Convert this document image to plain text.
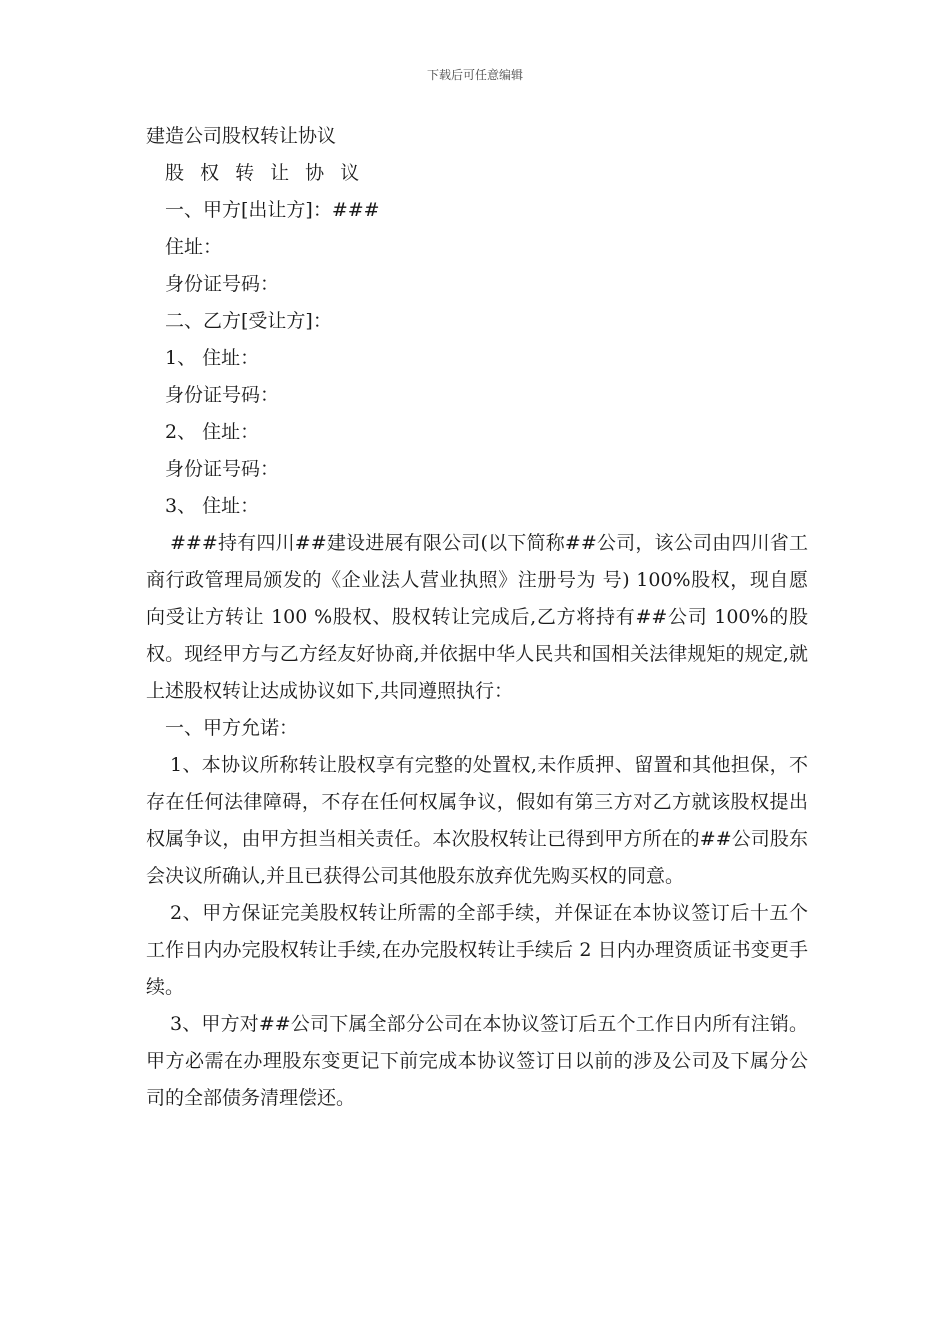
下载后可任意编辑
建造公司股权转让协议
股 权 转 让 协 议
一、甲方[出让方]：###
住址：
身份证号码：
二、乙方[受让方]：
1、 住址：
身份证号码：
2、 住址：
身份证号码：
3、 住址：
###持有四川##建设进展有限公司(以下简称##公司，该公司由四川省工商行政管理局颁发的《企业法人营业执照》注册号为 号) 100%股权，现自愿向受让方转让 100 %股权、股权转让完成后,乙方将持有##公司 100%的股权。现经甲方与乙方经友好协商,并依据中华人民共和国相关法律规矩的规定,就上述股权转让达成协议如下,共同遵照执行：
一、甲方允诺：
1、本协议所称转让股权享有完整的处置权,未作质押、留置和其他担保，不存在任何法律障碍，不存在任何权属争议，假如有第三方对乙方就该股权提出权属争议，由甲方担当相关责任。本次股权转让已得到甲方所在的##公司股东会决议所确认,并且已获得公司其他股东放弃优先购买权的同意。
2、甲方保证完美股权转让所需的全部手续，并保证在本协议签订后十五个工作日内办完股权转让手续,在办完股权转让手续后 2 日内办理资质证书变更手续。
3、甲方对##公司下属全部分公司在本协议签订后五个工作日内所有注销。甲方必需在办理股东变更记下前完成本协议签订日以前的涉及公司及下属分公司的全部债务清理偿还。
